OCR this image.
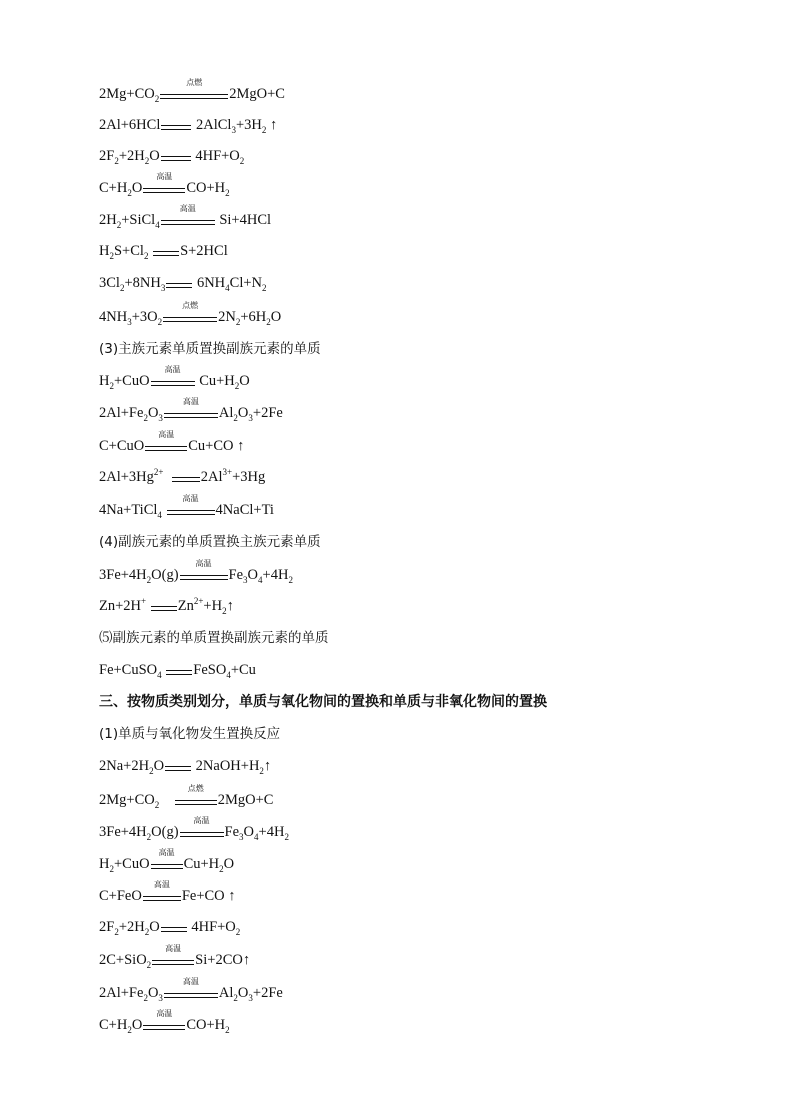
$2Mg+CO_2$
点燃
2MgO+C
2Al+6HCl
$2AlCl_3+3H_2$ ↑
$2F_2+2H_2O$
$4HF+O_2$
$C+H_2O$
高温
$CO+H_2$
$2H_2+SiCl_4$
高温
Si+4HCl
$H_2S+Cl_2$ S+2HCl
$3Cl_2+8NH_3$
$6NH_4Cl+N_2$
$4NH_3+3O_2$
点燃
$2N_2+6H_2O$
(3)主族元素单质置换副族元素的单质
$H_2+CuO$
高温
$Cu+H_2O$
$2Al+Fe_2O_3$
高温
$Al_2O_3+2Fe$
C+CuO
高温
Cu+CO ↑
$2Al+3Hg^{2+}$	$2Al^{3+}+3Hg$
4Na+TiCl$_4$
高温
4NaCl+Ti
(4)副族元素的单质置换主族元素单质
$3Fe+4H_2O(g)$
高温
$Fe_3O_4+4H_2$
Zn+2H+ $Zn^{2+}+H_2↑$
⑸副族元素的单质置换副族元素的单质
Fe+CuSO$_4$ FeSO$_4$+Cu
三、按物质类别划分，单质与氧化物间的置换和单质与非氧化物间的置换
(1)单质与氧化物发生置换反应
$2Na+2H_2O$
$2NaOH+H_2↑$
$2Mg+CO_2$
点燃
2MgO+C
$3Fe+4H_2O(g)$
高温
$Fe_3O_4+4H_2$
$H_2+CuO$
高温
$Cu+H_2O$
C+FeO
高温
Fe+CO ↑
$2F_2+2H_2O$
$4HF+O_2$
2C+SiO$_2$
高温
Si+2CO↑
$2Al+Fe_2O_3$
高温
$Al_2O_3+2Fe$
$C+H_2O$
高温
$CO+H_2$
